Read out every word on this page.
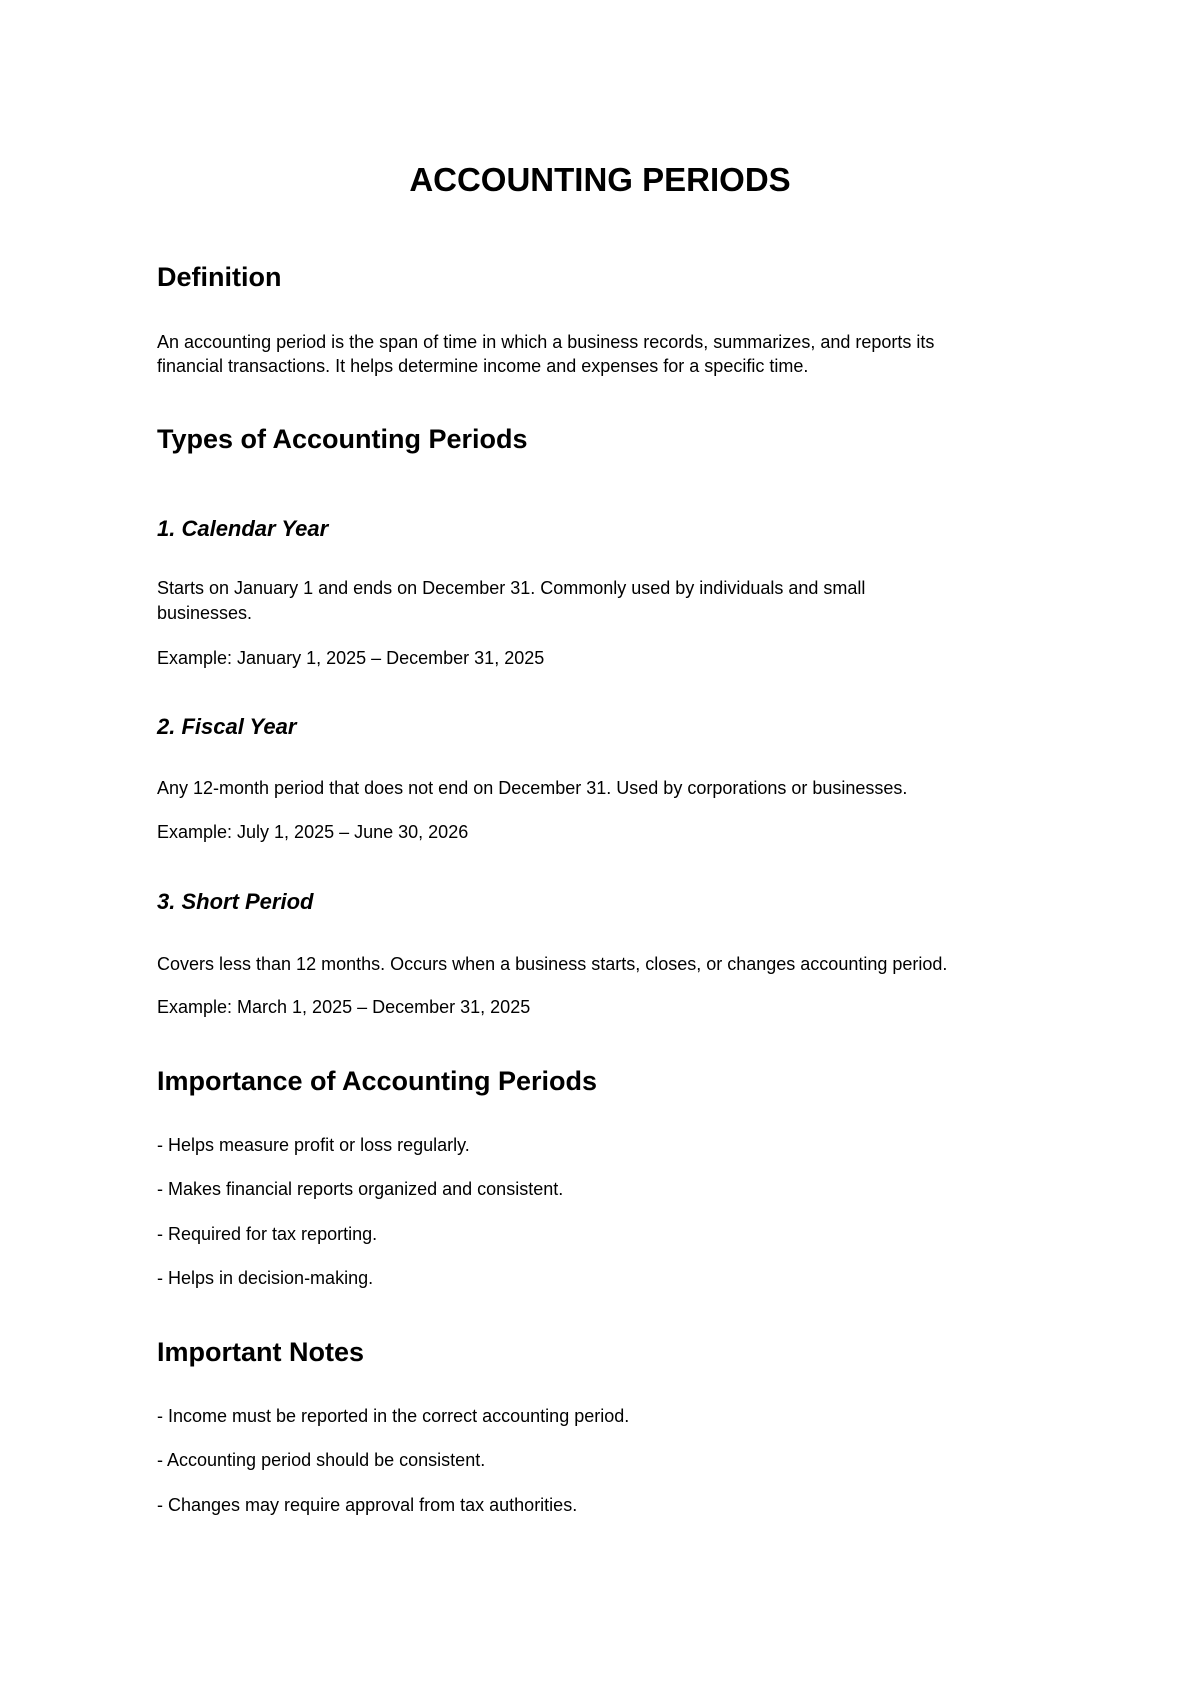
ACCOUNTING PERIODS
Definition

An accounting period is the span of time in which a business records, summarizes, and reports its

financial transactions. It helps determine income and expenses for a specific time.

Types of Accounting Periods
1. Calendar Year

Starts on January 1 and ends on December 31. Commonly used by individuals and small

businesses.

Example: January 1, 2025 – December 31, 2025

2. Fiscal Year

Any 12-month period that does not end on December 31. Used by corporations or businesses.

Example: July 1, 2025 – June 30, 2026

3. Short Period

Covers less than 12 months. Occurs when a business starts, closes, or changes accounting period.

Example: March 1, 2025 – December 31, 2025

Importance of Accounting Periods

- Helps measure profit or loss regularly.

- Makes financial reports organized and consistent.

- Required for tax reporting.

- Helps in decision-making.

Important Notes

- Income must be reported in the correct accounting period.

- Accounting period should be consistent.

- Changes may require approval from tax authorities.
